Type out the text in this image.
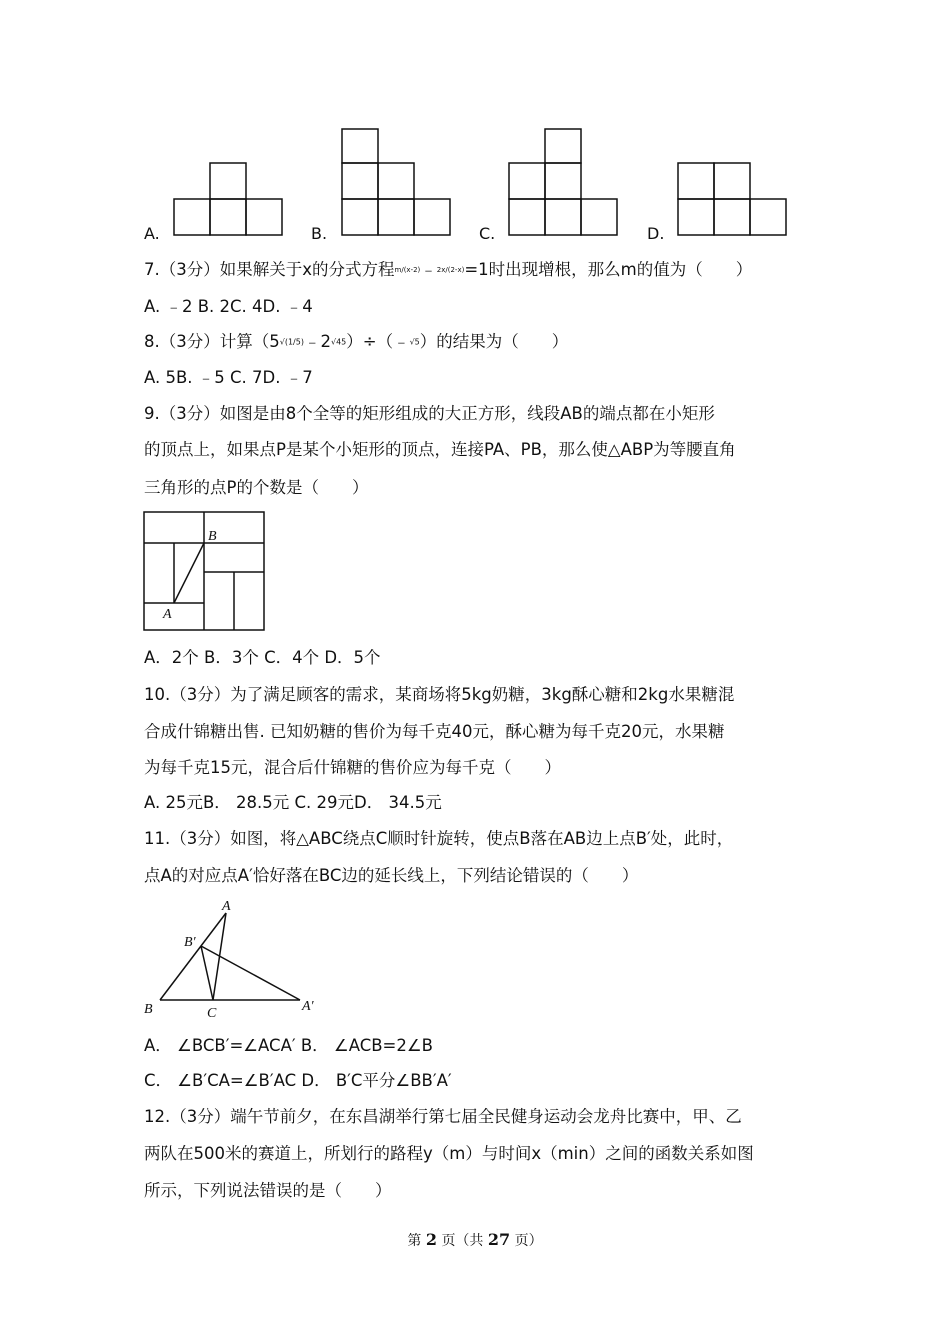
A.	B.	C.	D.
7.（3分）如果解关于x的分式方程m/(x-2)﹣2x/(2-x)=1时出现增根，那么m的值为（　　）
A. ﹣2 B. 2C. 4D. ﹣4
8.（3分）计算（5√(1/5)﹣2√45）÷（﹣√5）的结果为（　　）
A. 5B. ﹣5 C. 7D. ﹣7
9.（3分）如图是由8个全等的矩形组成的大正方形，线段AB的端点都在小矩形
的顶点上，如果点P是某个小矩形的顶点，连接PA、PB，那么使△ABP为等腰直角
三角形的点P的个数是（　　）
B
A
A．2个 B．3个 C．4个 D．5个
10.（3分）为了满足顾客的需求，某商场将5kg奶糖，3kg酥心糖和2kg水果糖混
合成什锦糖出售. 已知奶糖的售价为每千克40元，酥心糖为每千克20元，水果糖
为每千克15元，混合后什锦糖的售价应为每千克（　　）
A. 25元B． 28.5元 C. 29元D． 34.5元
11.（3分）如图，将△ABC绕点C顺时针旋转，使点B落在AB边上点B′处，此时，
点A的对应点A′恰好落在BC边的延长线上，下列结论错误的（　　）
A
B′
B	C	A′
A． ∠BCB′=∠ACA′ B． ∠ACB=2∠B
C． ∠B′CA=∠B′AC D． B′C平分∠BB′A′
12.（3分）端午节前夕，在东昌湖举行第七届全民健身运动会龙舟比赛中，甲、乙
两队在500米的赛道上，所划行的路程y（m）与时间x（min）之间的函数关系如图
所示，下列说法错误的是（　　）
第 2 页（共 27 页）
